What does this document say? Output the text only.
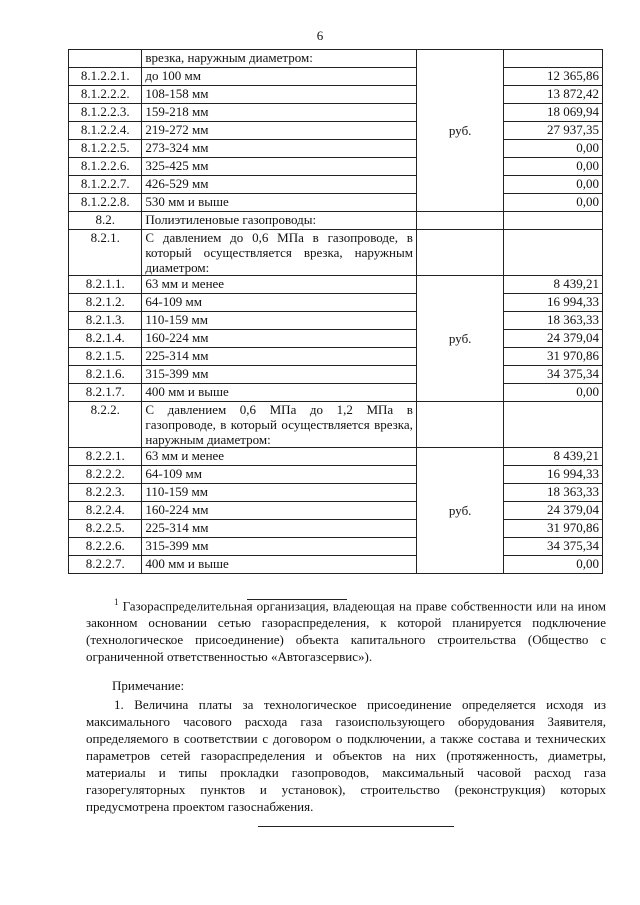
6
	врезка, наружным диаметром:	руб.	
8.1.2.2.1.	до 100 мм		12 365,86
8.1.2.2.2.	108-158 мм		13 872,42
8.1.2.2.3.	159-218 мм		18 069,94
8.1.2.2.4.	219-272 мм		27 937,35
8.1.2.2.5.	273-324 мм		0,00
8.1.2.2.6.	325-425 мм		0,00
8.1.2.2.7.	426-529 мм		0,00
8.1.2.2.8.	530 мм и выше		0,00
8.2.	Полиэтиленовые газопроводы:		
8.2.1.	С давлением до 0,6 МПа в газопроводе, в который осуществляется врезка, наружным диаметром:		
8.2.1.1.	63 мм и менее	руб.	8 439,21
8.2.1.2.	64-109 мм		16 994,33
8.2.1.3.	110-159 мм		18 363,33
8.2.1.4.	160-224 мм		24 379,04
8.2.1.5.	225-314 мм		31 970,86
8.2.1.6.	315-399 мм		34 375,34
8.2.1.7.	400 мм и выше		0,00
8.2.2.	С давлением 0,6 МПа до 1,2 МПа в газопроводе, в который осуществляется врезка, наружным диаметром:		
8.2.2.1.	63 мм и менее	руб.	8 439,21
8.2.2.2.	64-109 мм		16 994,33
8.2.2.3.	110-159 мм		18 363,33
8.2.2.4.	160-224 мм		24 379,04
8.2.2.5.	225-314 мм		31 970,86
8.2.2.6.	315-399 мм		34 375,34
8.2.2.7.	400 мм и выше		0,00
$^1$ Газораспределительная организация, владеющая на праве собственности или на ином законном основании сетью газораспределения, к которой планируется подключение (технологическое присоединение) объекта капитального строительства (Общество с ограниченной ответственностью «Автогазсервис»).
Примечание:
1. Величина платы за технологическое присоединение определяется исходя из максимального часового расхода газа газоиспользующего оборудования Заявителя, определяемого в соответствии с договором о подключении, а также состава и технических параметров сетей газораспределения и объектов на них (протяженность, диаметры, материалы и типы прокладки газопроводов, максимальный часовой расход газа газорегуляторных пунктов и установок), строительство (реконструкция) которых предусмотрена проектом газоснабжения.
